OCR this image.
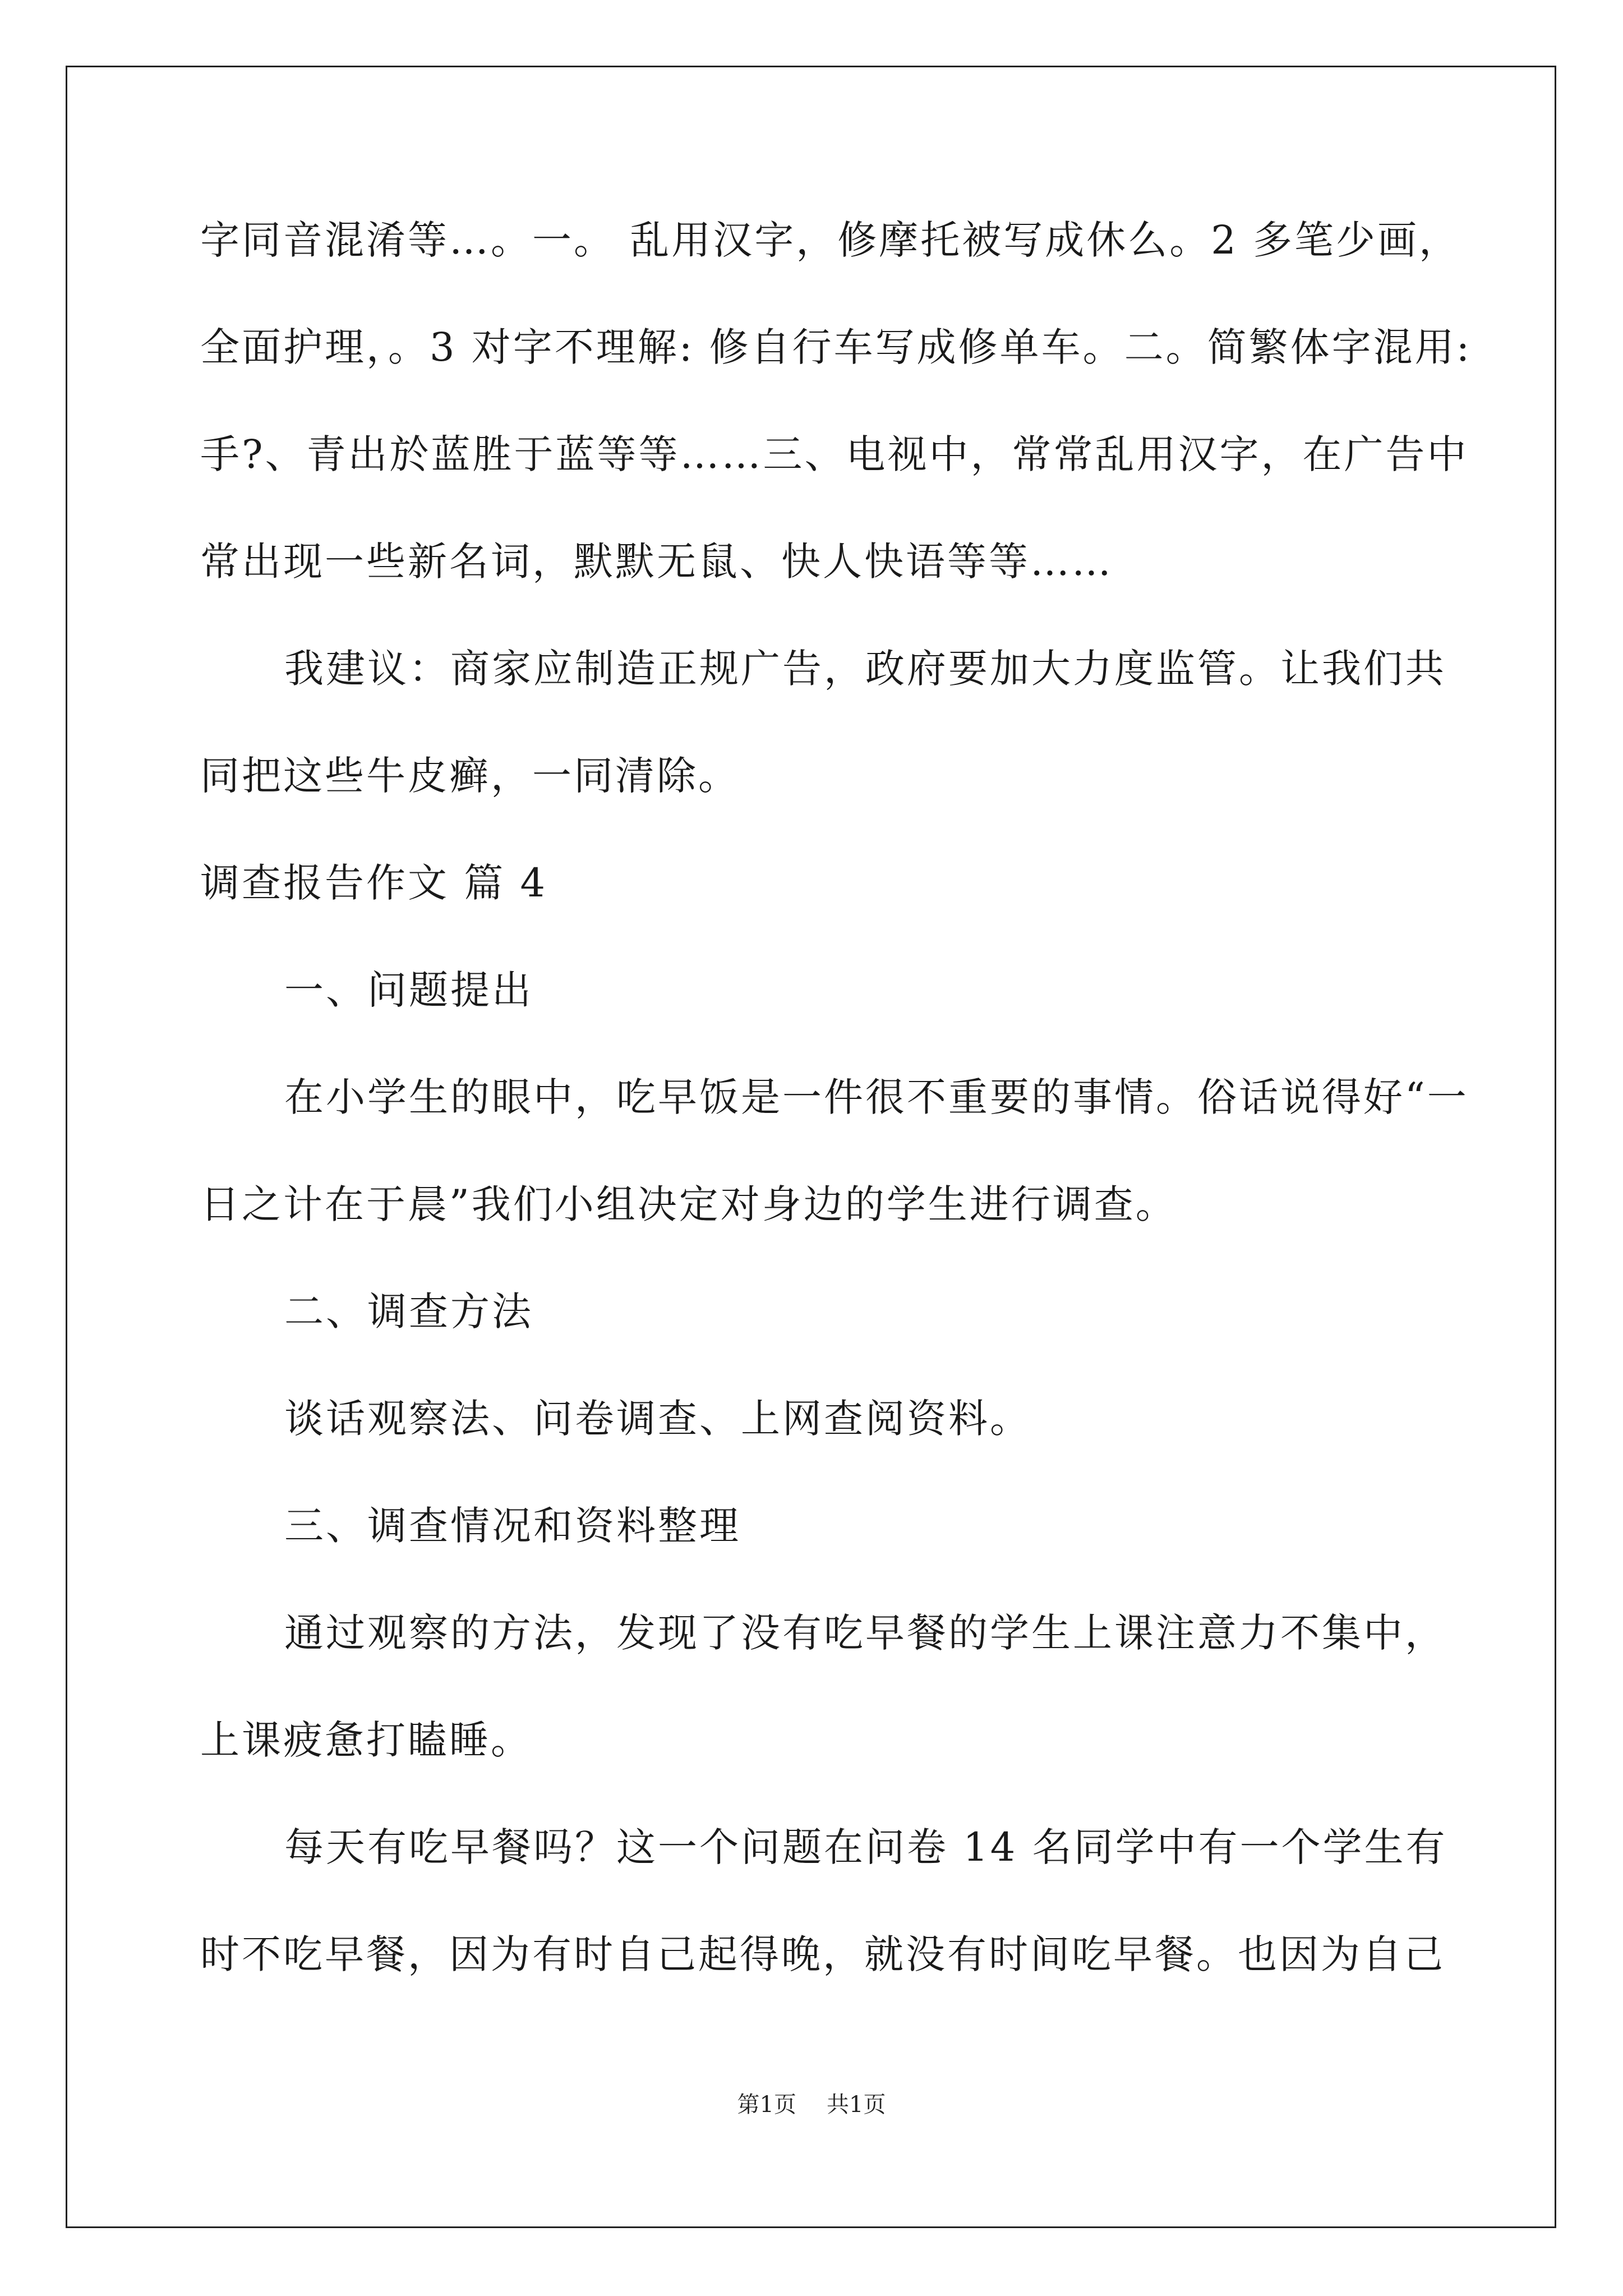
字同音混淆等…。一。 乱用汉字，修摩托被写成休么。2 多笔少画，
全面护理，。3 对字不理解: 修自行车写成修单车。二。简繁体字混用:
手?、青出於蓝胜于蓝等等……三、电视中，常常乱用汉字，在广告中
常出现一些新名词，默默无鼠、快人快语等等……
我建议：商家应制造正规广告，政府要加大力度监管。让我们共
同把这些牛皮癣，一同清除。
调查报告作文 篇 4
一、问题提出
在小学生的眼中，吃早饭是一件很不重要的事情。俗话说得好“一
日之计在于晨”我们小组决定对身边的学生进行调查。
二、调查方法
谈话观察法、问卷调查、上网查阅资料。
三、调查情况和资料整理
通过观察的方法，发现了没有吃早餐的学生上课注意力不集中，
上课疲惫打瞌睡。
每天有吃早餐吗？这一个问题在问卷 14 名同学中有一个学生有
时不吃早餐，因为有时自己起得晚，就没有时间吃早餐。也因为自己
第1页 共1页
